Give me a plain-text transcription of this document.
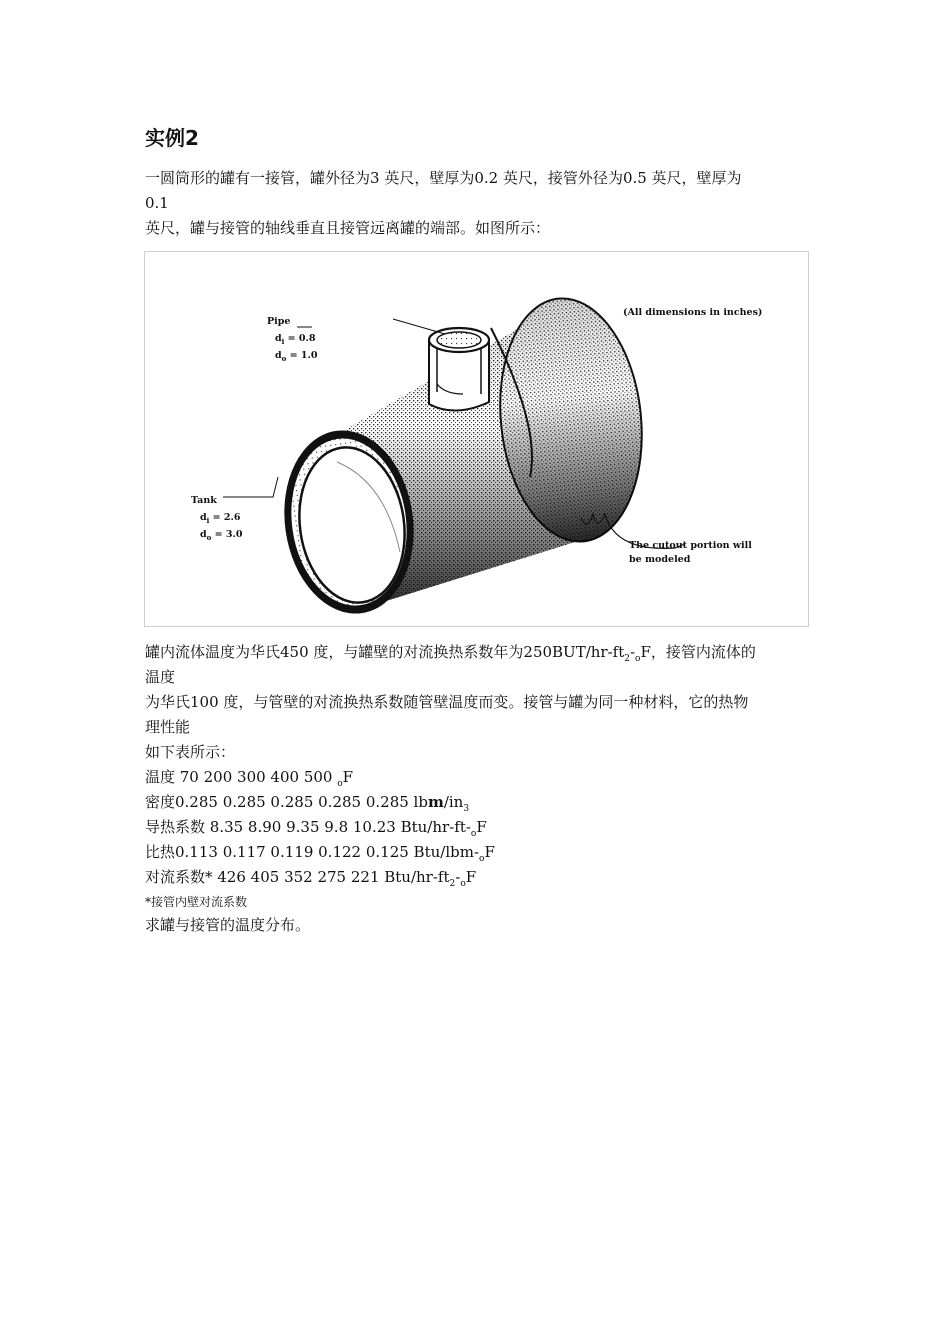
实例2
一圆筒形的罐有一接管，罐外径为3 英尺，壁厚为0.2 英尺，接管外径为0.5 英尺，壁厚为
0.1
英尺，罐与接管的轴线垂直且接管远离罐的端部。如图所示：
(All dimensions in inches)
Pipe
$d_i = 0.8$
$d_o = 1.0$
Tank
$d_i = 2.6$
$d_o = 3.0$
The cutout portion will
be modeled
罐内流体温度为华氏450 度，与罐壁的对流换热系数年为$250BUT/hr-ft_2-_oF$，接管内流体的
温度
为华氏100 度，与管壁的对流换热系数随管壁温度而变。接管与罐为同一种材料，它的热物
理性能
如下表所示：
温度 70 200 300 400 500 $_o$F
密度0.285 0.285 0.285 0.285 0.285 lbm/$in_3$
导热系数 8.35 8.90 9.35 9.8 10.23 Btu/$hr-ft-_oF$
比热0.113 0.117 0.119 0.122 0.125 Btu/$lbm-_oF$
对流系数* 426 405 352 275 221 Btu/$hr-ft_2-_oF$
*接管内壁对流系数
求罐与接管的温度分布。
